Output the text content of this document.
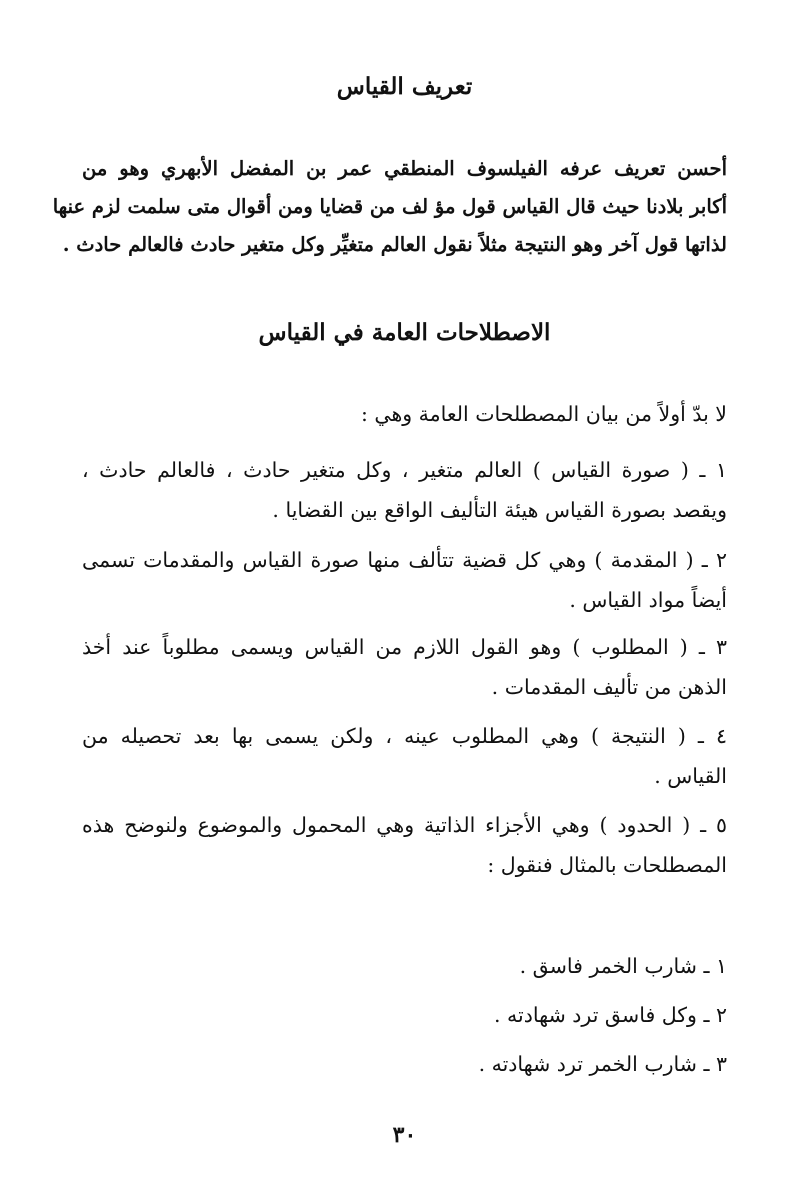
تعريف القياس
أحسن تعريف عرفه الفيلسوف المنطقي عمر بن المفضل الأبهري وهو من
أكابر بلادنا حيث قال القياس قول مؤ لف من قضايا ومن أقوال متى سلمت لزم عنها
لذاتها قول آخر وهو النتيجة مثلاً نقول العالم متغيِّر وكل متغير حادث فالعالم حادث .
الاصطلاحات العامة في القياس
لا بدّ أولاً من بيان المصطلحات العامة وهي :
١ ـ ( صورة القياس ) العالم متغير ، وكل متغير حادث ، فالعالم حادث ،
ويقصد بصورة القياس هيئة التأليف الواقع بين القضايا .
٢ ـ ( المقدمة ) وهي كل قضية تتألف منها صورة القياس والمقدمات تسمى
أيضاً مواد القياس .
٣ ـ ( المطلوب ) وهو القول اللازم من القياس ويسمى مطلوباً عند أخذ
الذهن من تأليف المقدمات .
٤ ـ ( النتيجة ) وهي المطلوب عينه ، ولكن يسمى بها بعد تحصيله من
القياس .
٥ ـ ( الحدود ) وهي الأجزاء الذاتية وهي المحمول والموضوع ولنوضح هذه
المصطلحات بالمثال فنقول :
١ ـ شارب الخمر فاسق .
٢ ـ وكل فاسق ترد شهادته .
٣ ـ شارب الخمر ترد شهادته .
٣٠
